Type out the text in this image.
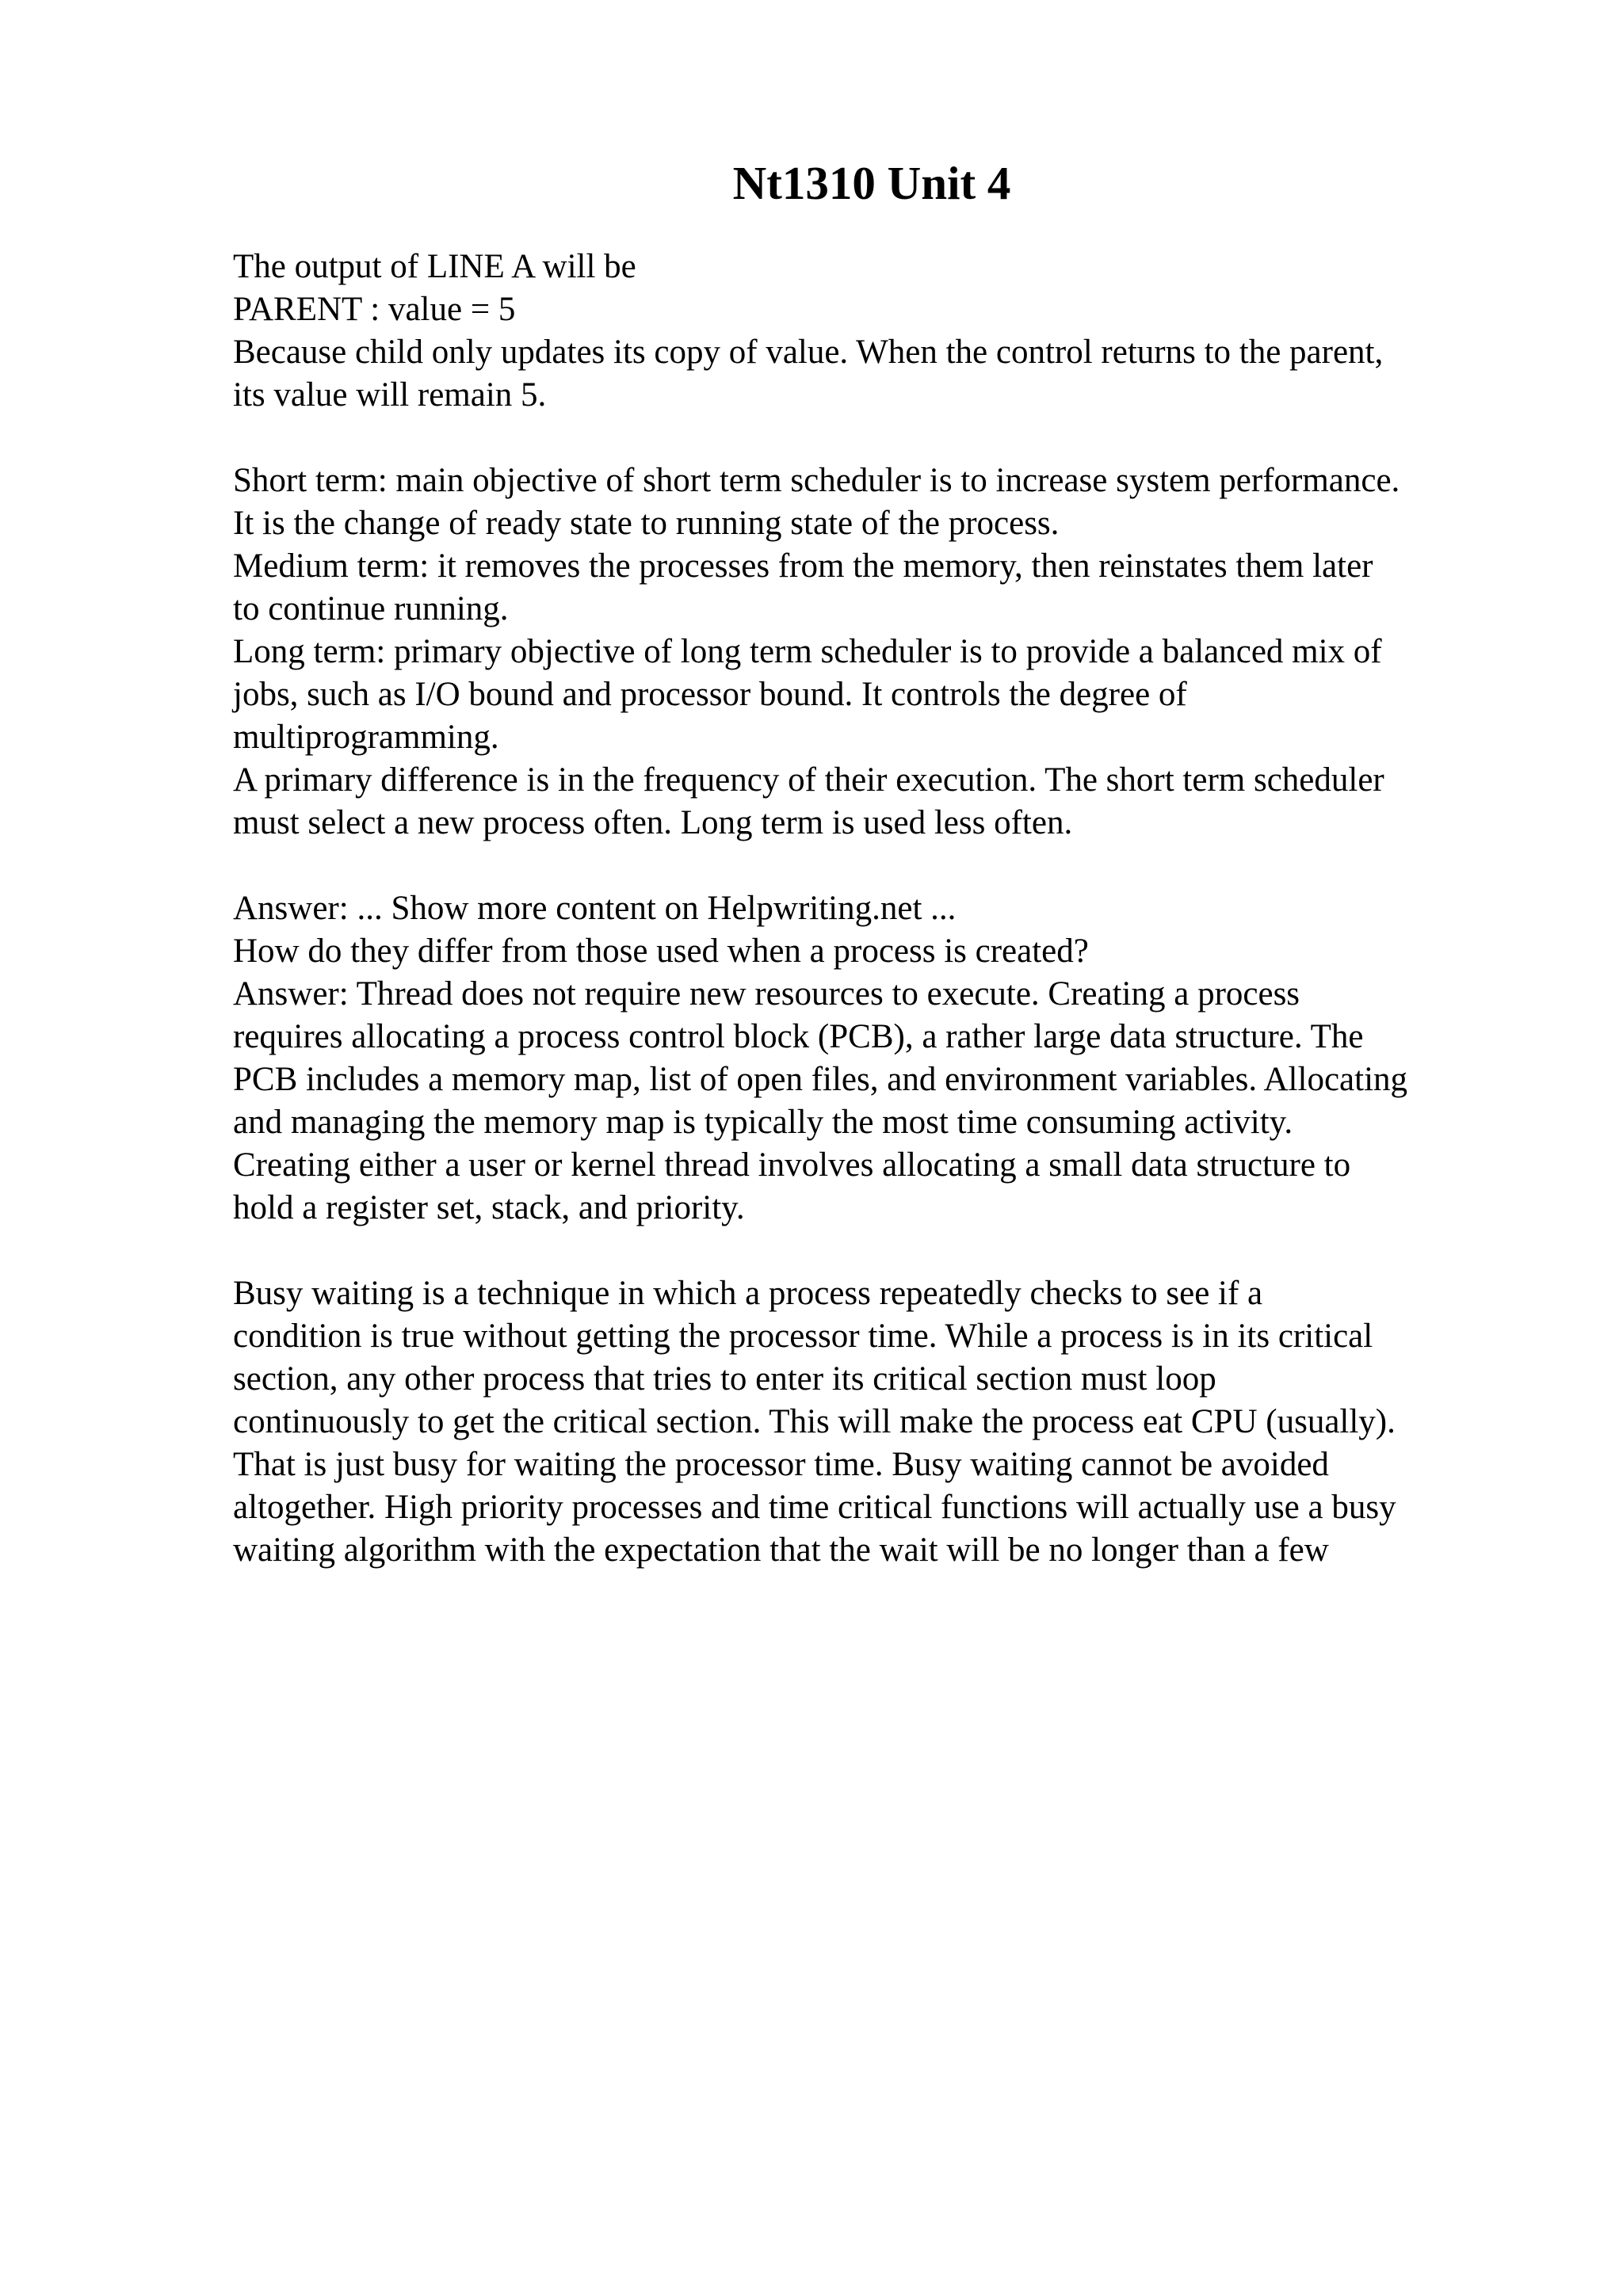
Nt1310 Unit 4
The output of LINE A will be
PARENT : value = 5
Because child only updates its copy of value. When the control returns to the parent,
its value will remain 5.
Short term: main objective of short term scheduler is to increase system performance.
It is the change of ready state to running state of the process.
Medium term: it removes the processes from the memory, then reinstates them later
to continue running.
Long term: primary objective of long term scheduler is to provide a balanced mix of
jobs, such as I/O bound and processor bound. It controls the degree of
multiprogramming.
A primary difference is in the frequency of their execution. The short term scheduler
must select a new process often. Long term is used less often.
Answer: ... Show more content on Helpwriting.net ...
How do they differ from those used when a process is created?
Answer: Thread does not require new resources to execute. Creating a process
requires allocating a process control block (PCB), a rather large data structure. The
PCB includes a memory map, list of open files, and environment variables. Allocating
and managing the memory map is typically the most time consuming activity.
Creating either a user or kernel thread involves allocating a small data structure to
hold a register set, stack, and priority.
Busy waiting is a technique in which a process repeatedly checks to see if a
condition is true without getting the processor time. While a process is in its critical
section, any other process that tries to enter its critical section must loop
continuously to get the critical section. This will make the process eat CPU (usually).
That is just busy for waiting the processor time. Busy waiting cannot be avoided
altogether. High priority processes and time critical functions will actually use a busy
waiting algorithm with the expectation that the wait will be no longer than a few
